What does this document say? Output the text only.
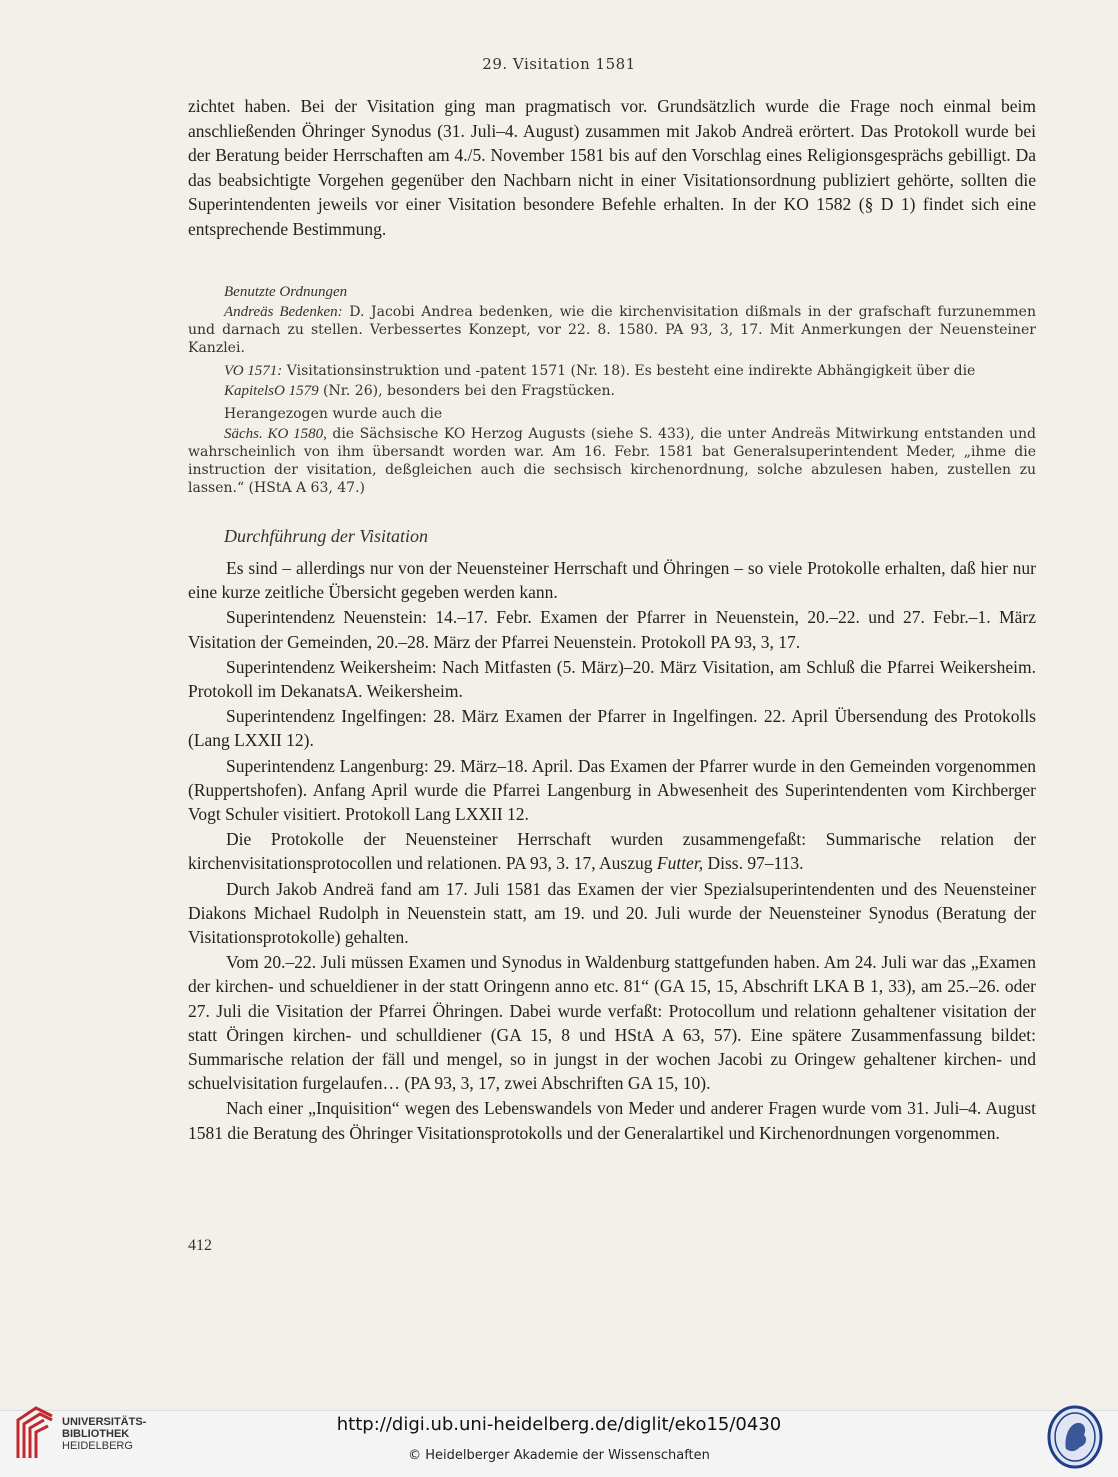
29. Visitation 1581

zichtet haben. Bei der Visitation ging man pragmatisch vor. Grundsätzlich wurde die Frage noch einmal beim anschließenden Öhringer Synodus (31. Juli–4. August) zusammen mit Jakob Andreä erörtert. Das Protokoll wurde bei der Beratung beider Herrschaften am 4./5. November 1581 bis auf den Vorschlag eines Religionsgesprächs gebilligt. Da das beabsichtigte Vorgehen gegenüber den Nachbarn nicht in einer Visitationsordnung publiziert gehörte, sollten die Superintendenten jeweils vor einer Visitation besondere Befehle erhalten. In der KO 1582 (§ D 1) findet sich eine entsprechende Bestimmung.

Benutzte Ordnungen

Andreäs Bedenken: D. Jacobi Andrea bedenken, wie die kirchenvisitation dißmals in der grafschaft furzunemmen und darnach zu stellen. Verbessertes Konzept, vor 22. 8. 1580. PA 93, 3, 17. Mit Anmerkungen der Neuensteiner Kanzlei.

VO 1571: Visitationsinstruktion und -patent 1571 (Nr. 18). Es besteht eine indirekte Abhängigkeit über die

KapitelsO 1579 (Nr. 26), besonders bei den Fragstücken.

Herangezogen wurde auch die

Sächs. KO 1580, die Sächsische KO Herzog Augusts (siehe S. 433), die unter Andreäs Mitwirkung entstanden und wahrscheinlich von ihm übersandt worden war. Am 16. Febr. 1581 bat Generalsuperintendent Meder, „ihme die instruction der visitation, deßgleichen auch die sechsisch kirchenordnung, solche abzulesen haben, zustellen zu lassen.“ (HStA A 63, 47.)

Durchführung der Visitation

Es sind – allerdings nur von der Neuensteiner Herrschaft und Öhringen – so viele Protokolle erhalten, daß hier nur eine kurze zeitliche Übersicht gegeben werden kann.

Superintendenz Neuenstein: 14.–17. Febr. Examen der Pfarrer in Neuenstein, 20.–22. und 27. Febr.–1. März Visitation der Gemeinden, 20.–28. März der Pfarrei Neuenstein. Protokoll PA 93, 3, 17.

Superintendenz Weikersheim: Nach Mitfasten (5. März)–20. März Visitation, am Schluß die Pfarrei Weikersheim. Protokoll im DekanatsA. Weikersheim.

Superintendenz Ingelfingen: 28. März Examen der Pfarrer in Ingelfingen. 22. April Übersendung des Protokolls (Lang LXXII 12).

Superintendenz Langenburg: 29. März–18. April. Das Examen der Pfarrer wurde in den Gemeinden vorgenommen (Ruppertshofen). Anfang April wurde die Pfarrei Langenburg in Abwesenheit des Superintendenten vom Kirchberger Vogt Schuler visitiert. Protokoll Lang LXXII 12.

Die Protokolle der Neuensteiner Herrschaft wurden zusammengefaßt: Summarische relation der kirchenvisitationsprotocollen und relationen. PA 93, 3. 17, Auszug Futter, Diss. 97–113.

Durch Jakob Andreä fand am 17. Juli 1581 das Examen der vier Spezialsuperintendenten und des Neuensteiner Diakons Michael Rudolph in Neuenstein statt, am 19. und 20. Juli wurde der Neuensteiner Synodus (Beratung der Visitationsprotokolle) gehalten.

Vom 20.–22. Juli müssen Examen und Synodus in Waldenburg stattgefunden haben. Am 24. Juli war das „Examen der kirchen- und schueldiener in der statt Oringenn anno etc. 81“ (GA 15, 15, Abschrift LKA B 1, 33), am 25.–26. oder 27. Juli die Visitation der Pfarrei Öhringen. Dabei wurde verfaßt: Protocollum und relationn gehaltener visitation der statt Öringen kirchen- und schulldiener (GA 15, 8 und HStA A 63, 57). Eine spätere Zusammenfassung bildet: Summarische relation der fäll und mengel, so in jungst in der wochen Jacobi zu Oringew gehaltener kirchen- und schuelvisitation furgelaufen… (PA 93, 3, 17, zwei Abschriften GA 15, 10).

Nach einer „Inquisition“ wegen des Lebenswandels von Meder und anderer Fragen wurde vom 31. Juli–4. August 1581 die Beratung des Öhringer Visitationsprotokolls und der Generalartikel und Kirchenordnungen vorgenommen.

412
UNIVERSITÄTS-
BIBLIOTHEK
HEIDELBERG
http://digi.ub.uni-heidelberg.de/diglit/eko15/0430
© Heidelberger Akademie der Wissenschaften
